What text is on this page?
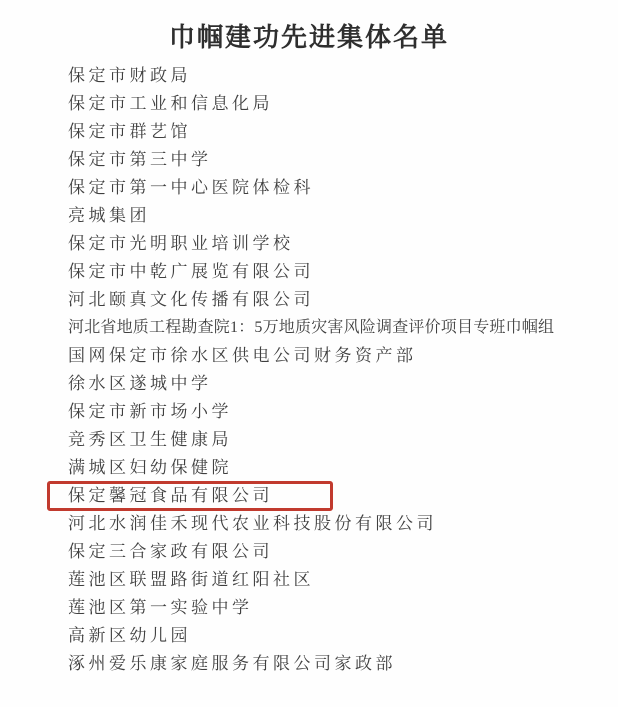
巾帼建功先进集体名单
保定市财政局
保定市工业和信息化局
保定市群艺馆
保定市第三中学
保定市第一中心医院体检科
亮城集团
保定市光明职业培训学校
保定市中乾广展览有限公司
河北颐真文化传播有限公司
河北省地质工程勘查院1：5万地质灾害风险调查评价项目专班巾帼组
国网保定市徐水区供电公司财务资产部
徐水区遂城中学
保定市新市场小学
竞秀区卫生健康局
满城区妇幼保健院
保定馨冠食品有限公司
河北水润佳禾现代农业科技股份有限公司
保定三合家政有限公司
莲池区联盟路街道红阳社区
莲池区第一实验中学
高新区幼儿园
涿州爱乐康家庭服务有限公司家政部
